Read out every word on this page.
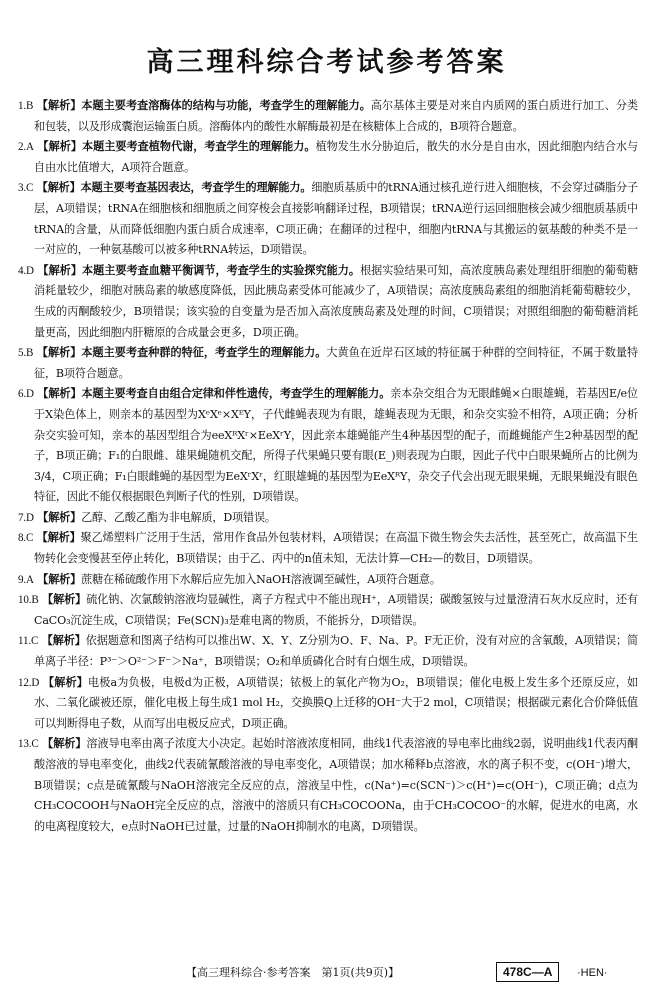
高三理科综合考试参考答案
1.B 【解析】本题主要考查溶酶体的结构与功能，考查学生的理解能力。高尔基体主要是对来自内质网的蛋白质进行加工、分类和包装，以及形成囊泡运输蛋白质。溶酶体内的酸性水解酶最初是在核糖体上合成的，B项符合题意。
2.A 【解析】本题主要考查植物代谢，考查学生的理解能力。植物发生水分胁迫后，散失的水分是自由水，因此细胞内结合水与自由水比值增大，A项符合题意。
3.C 【解析】本题主要考查基因表达，考查学生的理解能力。细胞质基质中的tRNA通过核孔逆行进入细胞核，不会穿过磷脂分子层，A项错误；tRNA在细胞核和细胞质之间穿梭会直接影响翻译过程，B项错误；tRNA逆行运回细胞核会减少细胞质基质中tRNA的含量，从而降低细胞内蛋白质合成速率，C项正确；在翻译的过程中，细胞内tRNA与其搬运的氨基酸的种类不是一一对应的，一种氨基酸可以被多种tRNA转运，D项错误。
4.D 【解析】本题主要考查血糖平衡调节，考查学生的实验探究能力。根据实验结果可知，高浓度胰岛素处理组肝细胞的葡萄糖消耗量较少，细胞对胰岛素的敏感度降低，因此胰岛素受体可能减少了，A项错误；高浓度胰岛素组的细胞消耗葡萄糖较少，生成的丙酮酸较少，B项错误；该实验的自变量为是否加入高浓度胰岛素及处理的时间，C项错误；对照组细胞的葡萄糖消耗量更高，因此细胞内肝糖原的合成量会更多，D项正确。
5.B 【解析】本题主要考查种群的特征，考查学生的理解能力。大黄鱼在近岸石区域的特征属于种群的空间特征，不属于数量特征，B项符合题意。
6.D 【解析】本题主要考查自由组合定律和伴性遗传，考查学生的理解能力。亲本杂交组合为无眼雌蝇×白眼雄蝇，若基因E/e位于X染色体上，则亲本的基因型为XᵉXᵉ×XᴱY，子代雌蝇表现为有眼，雄蝇表现为无眼，和杂交实验不相符，A项正确；分析杂交实验可知，亲本的基因型组合为eeXᴿXʳ×EeXʳY，因此亲本雄蝇能产生4种基因型的配子，而雌蝇能产生2种基因型的配子，B项正确；F₁的白眼雌、雄果蝇随机交配，所得子代果蝇只要有眼(E_)则表现为白眼，因此子代中白眼果蝇所占的比例为3/4，C项正确；F₁白眼雌蝇的基因型为EeXʳXʳ，红眼雄蝇的基因型为EeXᴿY，杂交子代会出现无眼果蝇，无眼果蝇没有眼色特征，因此不能仅根据眼色判断子代的性别，D项错误。
7.D 【解析】乙醇、乙酸乙酯为非电解质，D项错误。
8.C 【解析】聚乙烯塑料广泛用于生活，常用作食品外包装材料，A项错误；在高温下微生物会失去活性，甚至死亡，故高温下生物转化会变慢甚至停止转化，B项错误；由于乙、丙中的n值未知，无法计算—CH₂—的数目，D项错误。
9.A 【解析】蔗糖在稀硫酸作用下水解后应先加入NaOH溶液调至碱性，A项符合题意。
10.B 【解析】硫化钠、次氯酸钠溶液均显碱性，离子方程式中不能出现H⁺，A项错误；碳酸氢铵与过量澄清石灰水反应时，还有CaCO₃沉淀生成，C项错误；Fe(SCN)₃是难电离的物质，不能拆分，D项错误。
11.C 【解析】依据题意和图离子结构可以推出W、X、Y、Z分别为O、F、Na、P。F无正价，没有对应的含氧酸，A项错误；简单离子半径：P³⁻＞O²⁻＞F⁻＞Na⁺，B项错误；O₂和单质磷化合时有白烟生成，D项错误。
12.D 【解析】电极a为负极，电极d为正极，A项错误；铱极上的氧化产物为O₂，B项错误；催化电极上发生多个还原反应，如水、二氧化碳被还原，催化电极上每生成1 mol H₂，交换膜Q上迁移的OH⁻大于2 mol，C项错误；根据碳元素化合价降低值可以判断得电子数，从而写出电极反应式，D项正确。
13.C 【解析】溶液导电率由离子浓度大小决定。起始时溶液浓度相同，曲线1代表溶液的导电率比曲线2弱，说明曲线1代表丙酮酸溶液的导电率变化，曲线2代表硫氰酸溶液的导电率变化，A项错误；加水稀释b点溶液，水的离子积不变，c(OH⁻)增大，B项错误；c点是硫氰酸与NaOH溶液完全反应的点，溶液呈中性，c(Na⁺)=c(SCN⁻)＞c(H⁺)=c(OH⁻)，C项正确；d点为CH₃COCOOH与NaOH完全反应的点，溶液中的溶质只有CH₃COCOONa，由于CH₃COCOO⁻的水解，促进水的电离，水的电离程度较大，e点时NaOH已过量，过量的NaOH抑制水的电离，D项错误。
【高三理科综合·参考答案　第1页(共9页)】	478C—A	·HEN·
